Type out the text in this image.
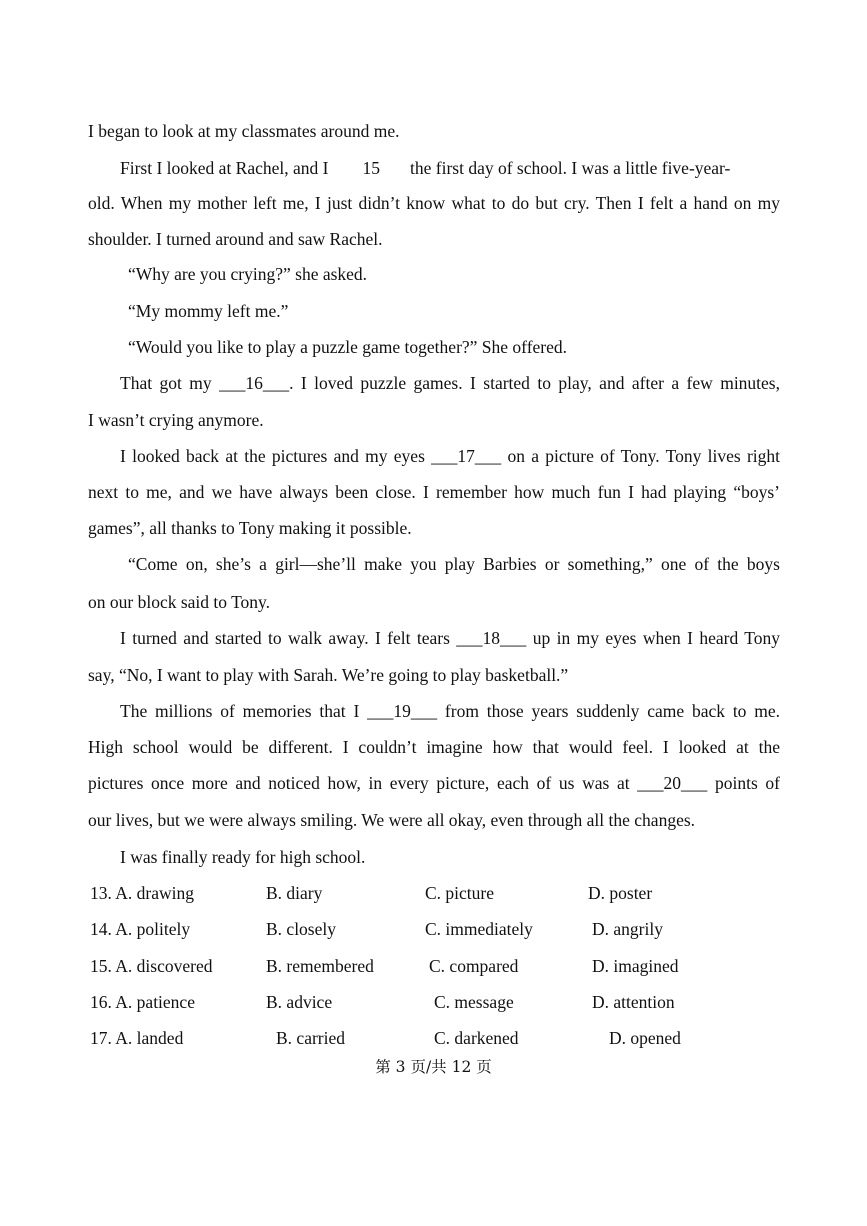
I began to look at my classmates around me.
First I looked at Rachel, and I 15 the first day of school. I was a little five-year-
old. When my mother left me, I just didn’t know what to do but cry. Then I felt a hand on my
shoulder. I turned around and saw Rachel.
“Why are you crying?” she asked.
“My mommy left me.”
“Would you like to play a puzzle game together?” She offered.
That got my ___16___. I loved puzzle games. I started to play, and after a few minutes,
I wasn’t crying anymore.
I looked back at the pictures and my eyes ___17___ on a picture of Tony. Tony lives right
next to me, and we have always been close. I remember how much fun I had playing “boys’
games”, all thanks to Tony making it possible.
“Come on, she’s a girl—she’ll make you play Barbies or something,” one of the boys
on our block said to Tony.
I turned and started to walk away. I felt tears ___18___ up in my eyes when I heard Tony
say, “No, I want to play with Sarah. We’re going to play basketball.”
The millions of memories that I ___19___ from those years suddenly came back to me.
High school would be different. I couldn’t imagine how that would feel. I looked at the
pictures once more and noticed how, in every picture, each of us was at ___20___ points of
our lives, but we were always smiling. We were all okay, even through all the changes.
I was finally ready for high school.
13. A. drawing	B. diary	C. picture	D. poster
14. A. politely	B. closely	C. immediately	D. angrily
15. A. discovered	B. remembered	C. compared	D. imagined
16. A. patience	B. advice	C. message	D. attention
17. A. landed	B. carried	C. darkened	D. opened
第 3 页/共 12 页
